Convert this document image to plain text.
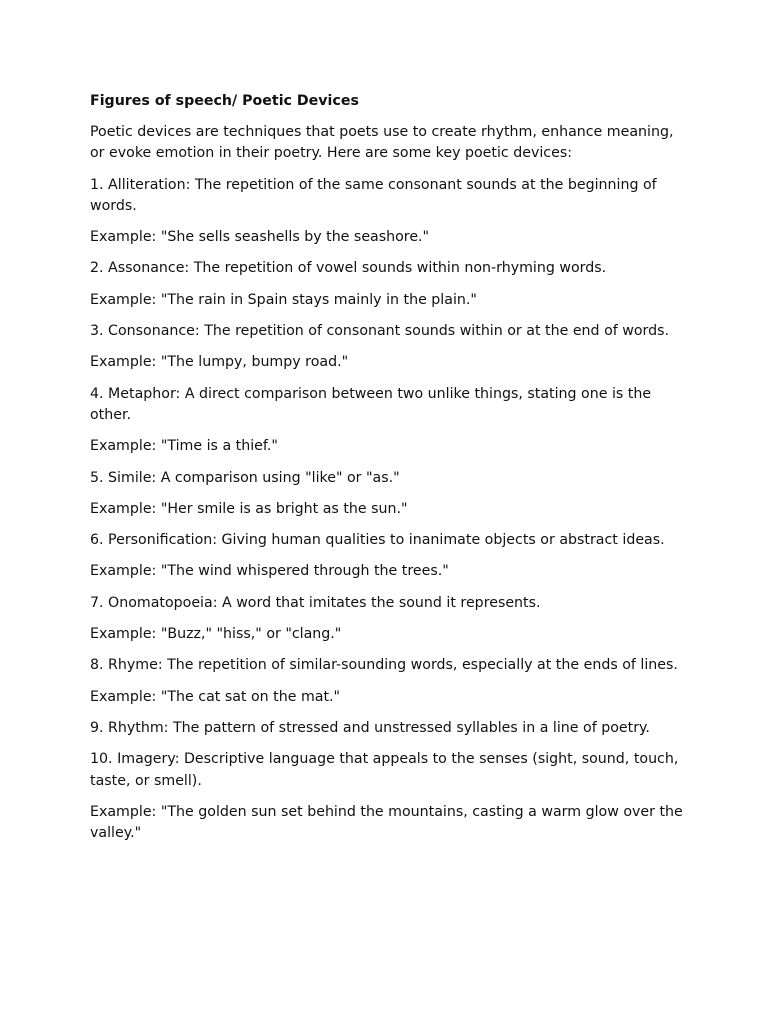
Figures of speech/ Poetic Devices
Poetic devices are techniques that poets use to create rhythm, enhance meaning, or evoke emotion in their poetry. Here are some key poetic devices:
1. Alliteration: The repetition of the same consonant sounds at the beginning of words.
Example: "She sells seashells by the seashore."
2. Assonance: The repetition of vowel sounds within non-rhyming words.
Example: "The rain in Spain stays mainly in the plain."
3. Consonance: The repetition of consonant sounds within or at the end of words.
Example: "The lumpy, bumpy road."
4. Metaphor: A direct comparison between two unlike things, stating one is the other.
Example: "Time is a thief."
5. Simile: A comparison using "like" or "as."
Example: "Her smile is as bright as the sun."
6. Personification: Giving human qualities to inanimate objects or abstract ideas.
Example: "The wind whispered through the trees."
7. Onomatopoeia: A word that imitates the sound it represents.
Example: "Buzz," "hiss," or "clang."
8. Rhyme: The repetition of similar-sounding words, especially at the ends of lines.
Example: "The cat sat on the mat."
9. Rhythm: The pattern of stressed and unstressed syllables in a line of poetry.
10. Imagery: Descriptive language that appeals to the senses (sight, sound, touch, taste, or smell).
Example: "The golden sun set behind the mountains, casting a warm glow over the valley."
